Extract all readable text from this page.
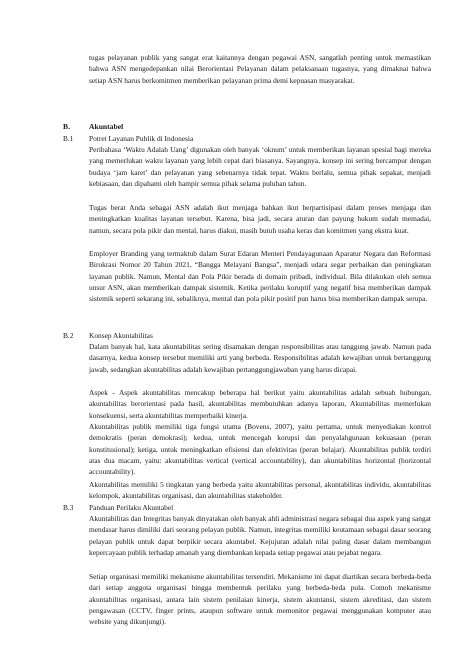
tugas pelayanan publik yang sangat erat kaitannya dengan pegawai ASN, sangatlah penting untuk memastikan bahwa ASN mengedepankan nilai Berorientasi Pelayanan dalam pelaksanaan tugasnya, yang dimaknai bahwa setiap ASN harus berkomitmen memberikan pelayanan prima demi kepuasan masyarakat.

B.	Akuntabel
B.1 Potret Layanan Publik di Indonesia

Peribahasa ‘Waktu Adalah Uang’ digunakan oleh banyak ‘oknum’ untuk memberikan layanan spesial bagi mereka yang memerlukan waktu layanan yang lebih cepat dari biasanya. Sayangnya, konsep ini sering bercampur dengan budaya ‘jam karet’ dan pelayanan yang sebenarnya tidak tepat. Waktu berlalu, semua pihak sepakat, menjadi kebiasaan, dan dipahami oleh hampir semua pihak selama puluhan tahun.

Tugas berat Anda sebagai ASN adalah ikut menjaga bahkan ikut berpartisipasi dalam proses menjaga dan meningkatkan kualitas layanan tersebut. Karena, bisa jadi, secara aturan dan payung hukum sudah memadai, namun, secara pola pikir dan mental, harus diakui, masih butuh usaha keras dan komitmen yang ekstra kuat.

Employer Branding yang termaktub dalam Surat Edaran Menteri Pendayagunaan Aparatur Negara dan Reformasi Birokrasi Nomor 20 Tahun 2021, “Bangga Melayani Bangsa”, menjadi udara segar perbaikan dan peningkatan layanan publik. Namun, Mental dan Pola Pikir berada di domain pribadi, individual. Bila dilakukan oleh semua unsur ASN, akan memberikan dampak sistemik. Ketika perilaku koruptif yang negatif bisa memberikan dampak sistemik seperti sekarang ini, sebaliknya, mental dan pola pikir positif pun harus bisa memberikan dampak serupa.

B.2 Konsep Akuntabilitas

Dalam banyak hal, kata akuntabilitas sering disamakan dengan responsibilitas atau tanggung jawab. Namun pada dasarnya, kedua konsep tersebut memiliki arti yang berbeda. Responsibilitas adalah kewajiban untuk bertanggung jawab, sedangkan akuntabilitas adalah kewajiban pertanggungjawaban yang harus dicapai.

Aspek - Aspek akuntabilitas mencakup beberapa hal berikut yaitu akuntabilitas adalah sebuah hubungan, akuntabilitas berorientasi pada hasil, akuntabilitas membutuhkan adanya laporan, Akuntabilitas memerlukan konsekuensi, serta akuntabilitas memperbaiki kinerja.

Akuntabilitas publik memiliki tiga fungsi utama (Bovens, 2007), yaitu pertama, untuk menyediakan kontrol demokratis (peran demokrasi); kedua, untuk mencegah korupsi dan penyalahgunaan kekuasaan (peran konstitusional); ketiga, untuk meningkatkan efisiensi dan efektivitas (peran belajar). Akuntabilitas publik terdiri atas dua macam, yaitu: akuntabilitas vertical (vertical accountability), dan akuntabilitas horizontal (horizontal accountability).

Akuntabilitas memiliki 5 tingkatan yang berbeda yaitu akuntabilitas personal, akuntabilitas individu, akuntabilitas kelompok, akuntabilitas organisasi, dan akuntabilitas stakeholder.

B.3 Panduan Perilaku Akuntabel

Akuntabilitas dan Integritas banyak dinyatakan oleh banyak ahli administrasi negara sebagai dua aspek yang sangat mendasar harus dimiliki dari seorang pelayan publik. Namun, integritas memiliki keutamaan sebagai dasar seorang pelayan publik untuk dapat berpikir secara akuntabel. Kejujuran adalah nilai paling dasar dalam membangun kepercayaan publik terhadap amanah yang diembankan kepada setiap pegawai atau pejabat negara.

Setiap organisasi memiliki mekanisme akuntabilitas tersendiri. Mekanisme ini dapat diartikan secara berbeda-beda dari setiap anggota organisasi hingga membentuk perilaku yang berbeda-beda pula. Contoh mekanisme akuntabilitas organisasi, antara lain sistem penilaian kinerja, sistem akuntansi, sistem akreditasi, dan sistem pengawasan (CCTV, finger prints, ataupun software untuk memonitor pegawai menggunakan komputer atau website yang dikunjungi).
